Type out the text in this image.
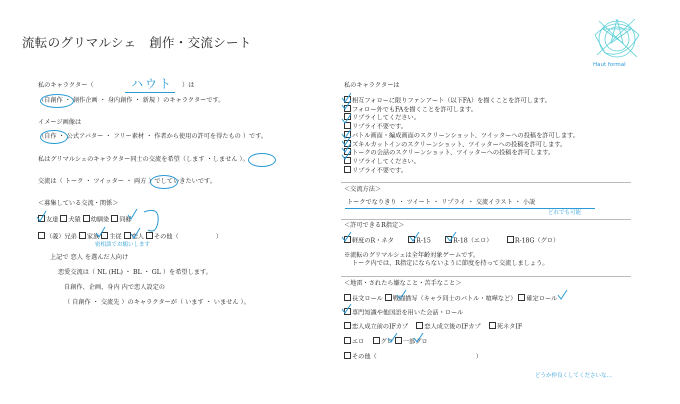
流転のグリマルシェ　創作・交流シート
Haut formal
私のキャラクター（	ハウト ）は
（自創作 ・ 創作企画 ・ 身内創作 ・ 新規 ）のキャラクターです。
イメージ画像は
（自作 ・ 公式アバター ・ フリー素材 ・ 作者から使用の許可を得たもの ）です。
私はグリマルシェのキャラクター同士の交流を希望（します ・しません ）。
交流は（ トーク ・ ツイッター ・ 両方 ）でしていきたいです。
＜募集している交流・関係＞
友達 犬猿 幼馴染 同郷
（義）兄弟 家族 主従 恋人 その他（　　　　　　）
密相談でお願いします
上記で 恋人 を選んだ人向け
恋愛交流は（ NL (HL) ・ BL ・ GL ）を希望します。
自創作、企画、身内 内で恋人設定の
（ 自創作 ・ 交流先 ）のキャラクターが（ います ・ いません ）。
私のキャラクターは
相互フォローに限りファンアート（以下FA）を描くことを許可します。
フォロー外でもFAを描くことを許可します。
リプライしてください。
リプライ不要です。
バトル画面・編成画面のスクリーンショット、ツイッターへの投稿を許可します。
ズキルカットインのスクリーンショット、ツイッターへの投稿を許可します。
トークの会話のスクリーンショット、ツイッターへの投稿を許可します。
リプライしてください。
リプライ不要です。
＜交流方法＞
トークでなりきり ・ ツイート ・ リプライ ・ 交流イラスト ・ 小説
どれでも可能
＜許可できるR指定＞
軽度のR・ネタ  	R-15  	R-18（エロ）  	R-18G（グロ）
※流転のグリマルシェは全年齢対象ゲームです。
トーク内では、R指定にならないように節度を持って交流しましょう。
＜地雷・されたら嫌なこと・苦手なこと＞
長文ロール 戦闘描写（キャラ同士のバトル・喧嘩など） 確定ロール
専門知識や他国語を用いた会話・ロール
恋人成立前のIFカプ 	恋人成立後のIFカプ 	死ネタIF
エロ 	グロ 一部グロ
その他（　　　　　　　　　　　　　　　　）
どうか仲良くしてくださいな…
